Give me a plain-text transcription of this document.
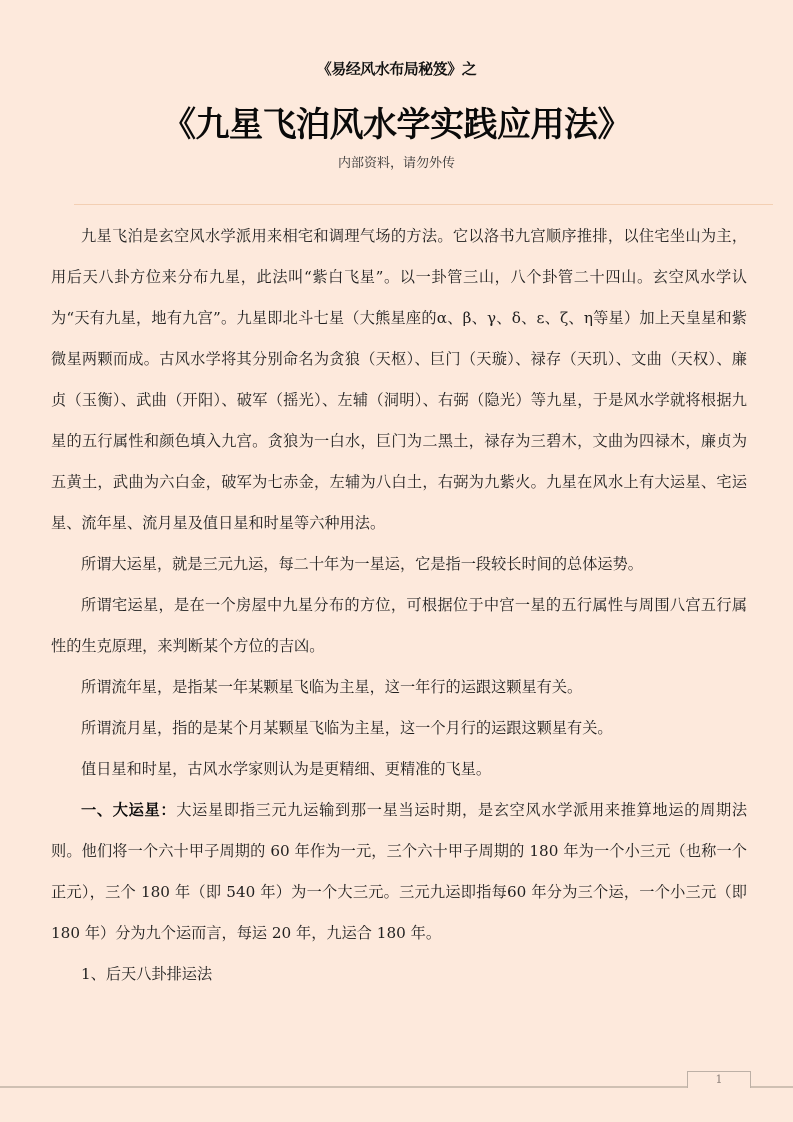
《易经风水布局秘笈》之
《九星飞泊风水学实践应用法》
内部资料，请勿外传

九星飞泊是玄空风水学派用来相宅和调理气场的方法。它以洛书九宫顺序推排，以住宅坐山为主，用后天八卦方位来分布九星，此法叫“紫白飞星”。以一卦管三山，八个卦管二十四山。玄空风水学认为“天有九星，地有九宫”。九星即北斗七星（大熊星座的α、β、γ、δ、ε、ζ、η等星）加上天皇星和紫微星两颗而成。古风水学将其分别命名为贪狼（天枢）、巨门（天璇）、禄存（天玑）、文曲（天权）、廉贞（玉衡）、武曲（开阳）、破军（摇光）、左辅（洞明）、右弼（隐光）等九星，于是风水学就将根据九星的五行属性和颜色填入九宫。贪狼为一白水，巨门为二黑土，禄存为三碧木，文曲为四禄木，廉贞为五黄土，武曲为六白金，破军为七赤金，左辅为八白土，右弼为九紫火。九星在风水上有大运星、宅运星、流年星、流月星及值日星和时星等六种用法。

所谓大运星，就是三元九运，每二十年为一星运，它是指一段较长时间的总体运势。

所谓宅运星，是在一个房屋中九星分布的方位，可根据位于中宫一星的五行属性与周围八宫五行属性的生克原理，来判断某个方位的吉凶。

所谓流年星，是指某一年某颗星飞临为主星，这一年行的运跟这颗星有关。

所谓流月星，指的是某个月某颗星飞临为主星，这一个月行的运跟这颗星有关。

值日星和时星，古风水学家则认为是更精细、更精准的飞星。

一、大运星：大运星即指三元九运输到那一星当运时期，是玄空风水学派用来推算地运的周期法则。他们将一个六十甲子周期的 60 年作为一元，三个六十甲子周期的 180 年为一个小三元（也称一个正元），三个 180 年（即 540 年）为一个大三元。三元九运即指每60 年分为三个运，一个小三元（即 180 年）分为九个运而言，每运 20 年，九运合 180 年。

1、后天八卦排运法

1
